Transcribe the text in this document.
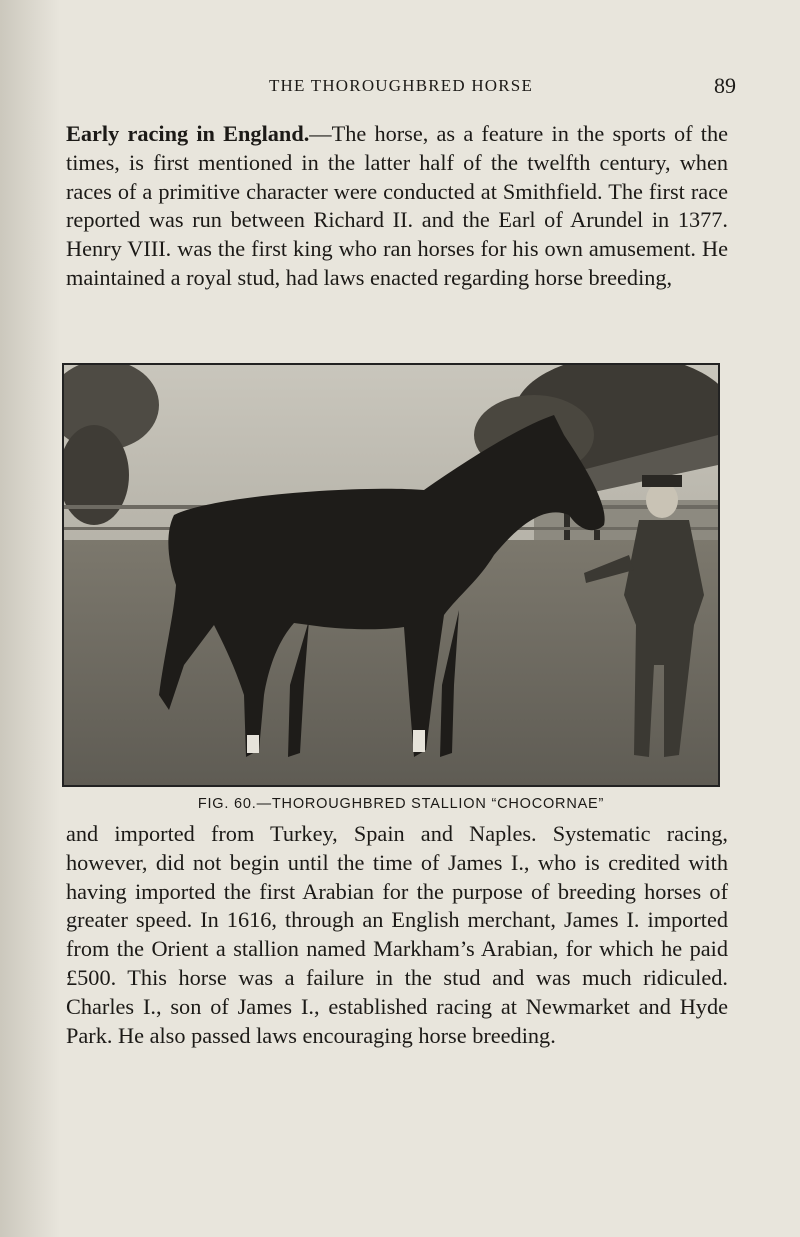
THE THOROUGHBRED HORSE	89

Early racing in England.—The horse, as a feature in the sports of the times, is first mentioned in the latter half of the twelfth century, when races of a primitive character were conducted at Smithfield. The first race reported was run between Richard II. and the Earl of Arundel in 1377. Henry VIII. was the first king who ran horses for his own amusement. He maintained a royal stud, had laws enacted regarding horse breeding,

FIG. 60.—THOROUGHBRED STALLION “CHOCORNAE”

and imported from Turkey, Spain and Naples. Systematic racing, however, did not begin until the time of James I., who is credited with having imported the first Arabian for the purpose of breeding horses of greater speed. In 1616, through an English merchant, James I. imported from the Orient a stallion named Markham’s Arabian, for which he paid £500. This horse was a failure in the stud and was much ridiculed. Charles I., son of James I., established racing at Newmarket and Hyde Park. He also passed laws encouraging horse breeding.
